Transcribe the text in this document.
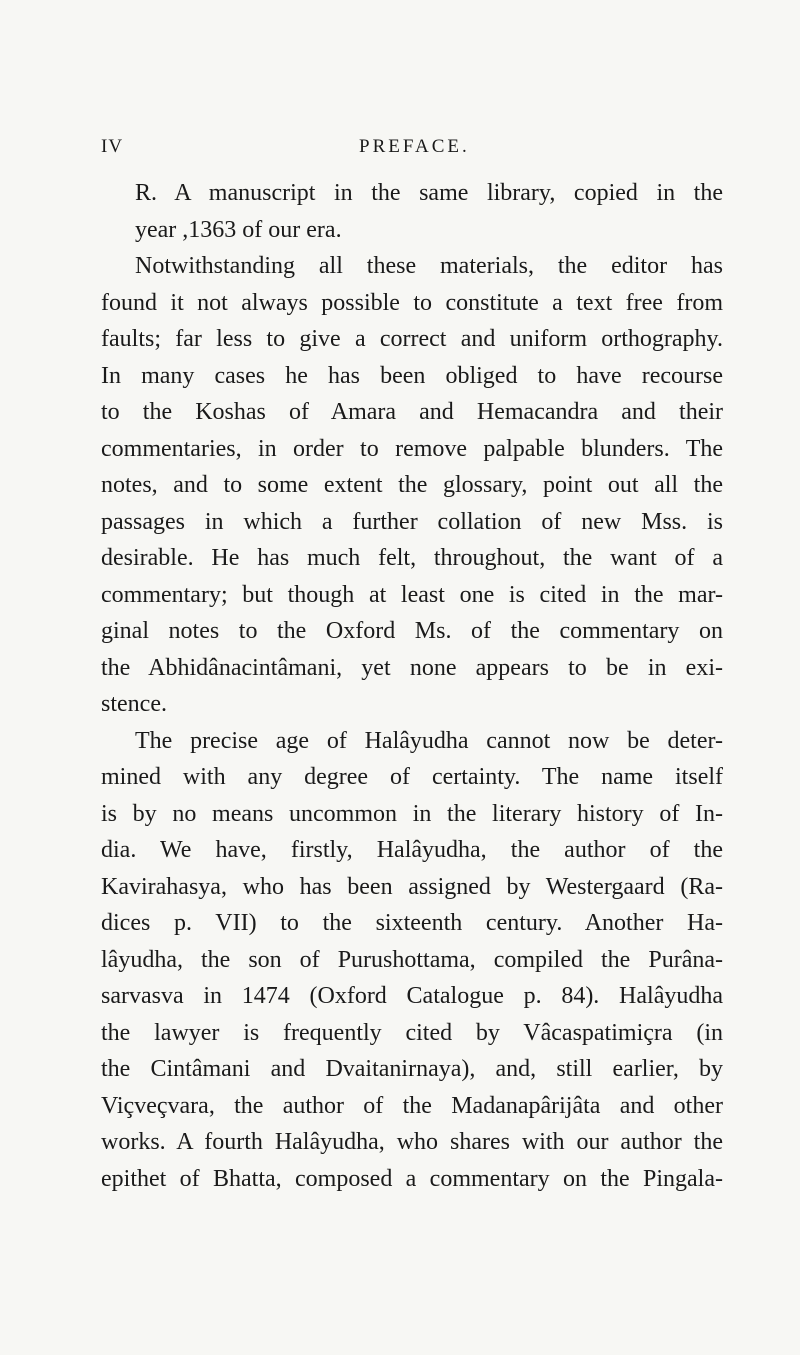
IV	PREFACE.
R. A manuscript in the same library, copied in the
year ,1363 of our era.
Notwithstanding all these materials, the editor has
found it not always possible to constitute a text free from
faults; far less to give a correct and uniform orthography.
In many cases he has been obliged to have recourse
to the Koshas of Amara and Hemacandra and their
commentaries, in order to remove palpable blunders. The
notes, and to some extent the glossary, point out all the
passages in which a further collation of new Mss. is
desirable. He has much felt, throughout, the want of a
commentary; but though at least one is cited in the mar-
ginal notes to the Oxford Ms. of the commentary on
the Abhidânacintâmani, yet none appears to be in exi-
stence.
The precise age of Halâyudha cannot now be deter-
mined with any degree of certainty. The name itself
is by no means uncommon in the literary history of In-
dia. We have, firstly, Halâyudha, the author of the
Kavirahasya, who has been assigned by Westergaard (Ra-
dices p. VII) to the sixteenth century. Another Ha-
lâyudha, the son of Purushottama, compiled the Purâna-
sarvasva in 1474 (Oxford Catalogue p. 84). Halâyudha
the lawyer is frequently cited by Vâcaspatimiçra (in
the Cintâmani and Dvaitanirnaya), and, still earlier, by
Viçveçvara, the author of the Madanapârijâta and other
works. A fourth Halâyudha, who shares with our author the
epithet of Bhatta, composed a commentary on the Pingala-
